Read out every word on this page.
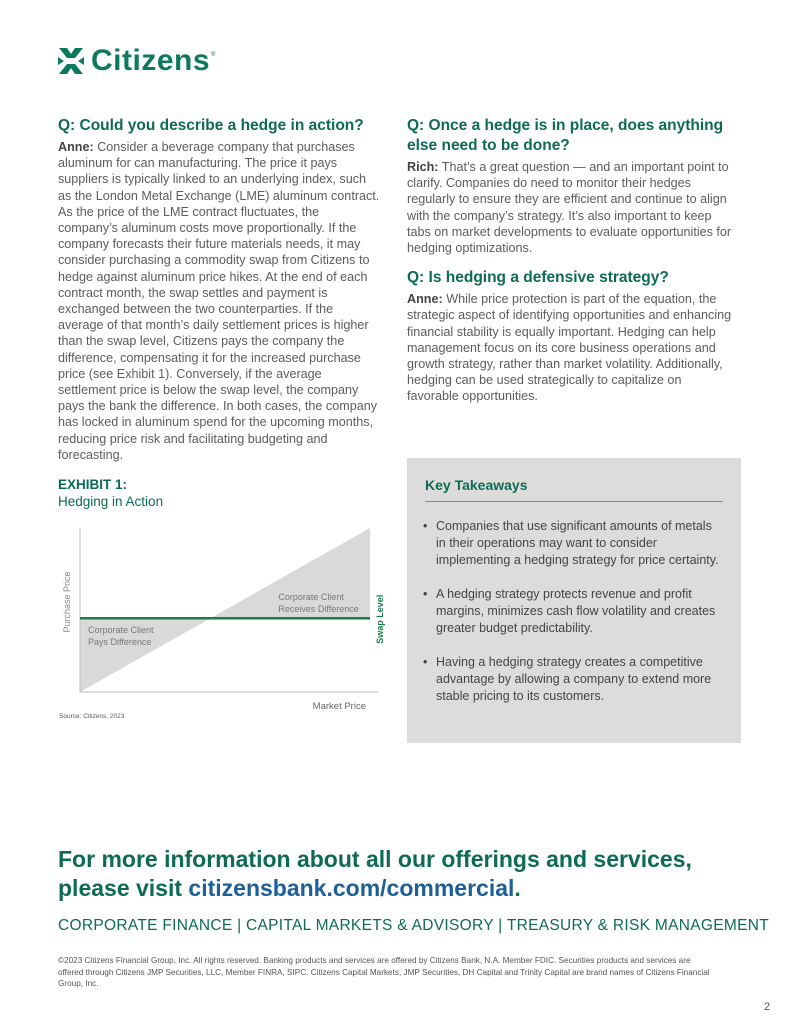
Citizens ®
Q: Could you describe a hedge in action?

Anne: Consider a beverage company that purchases aluminum for can manufacturing. The price it pays suppliers is typically linked to an underlying index, such as the London Metal Exchange (LME) aluminum contract. As the price of the LME contract fluctuates, the company’s aluminum costs move proportionally. If the company forecasts their future materials needs, it may consider purchasing a commodity swap from Citizens to hedge against aluminum price hikes. At the end of each contract month, the swap settles and payment is exchanged between the two counterparties. If the average of that month’s daily settlement prices is higher than the swap level, Citizens pays the company the difference, compensating it for the increased purchase price (see Exhibit 1). Conversely, if the average settlement price is below the swap level, the company pays the bank the difference. In both cases, the company has locked in aluminum spend for the upcoming months, reducing price risk and facilitating budgeting and forecasting.

Q: Once a hedge is in place, does anything else need to be done?

Rich: That’s a great question — and an important point to clarify. Companies do need to monitor their hedges regularly to ensure they are efficient and continue to align with the company’s strategy. It’s also important to keep tabs on market developments to evaluate opportunities for hedging optimizations.

Q: Is hedging a defensive strategy?

Anne: While price protection is part of the equation, the strategic aspect of identifying opportunities and enhancing financial stability is equally important. Hedging can help management focus on its core business operations and growth strategy, rather than market volatility. Additionally, hedging can be used strategically to capitalize on favorable opportunities.

EXHIBIT 1:
Hedging in Action
Purchase Price
Market Price
Swap Level
Corporate Client
Pays Difference
Corporate Client
Receives Difference
Source: Citizens, 2023
Key Takeaways
• Companies that use significant amounts of metals in their operations may want to consider implementing a hedging strategy for price certainty.
• A hedging strategy protects revenue and profit margins, minimizes cash flow volatility and creates greater budget predictability.
• Having a hedging strategy creates a competitive advantage by allowing a company to extend more stable pricing to its customers.
For more information about all our offerings and services, please visit citizensbank.com/commercial.
CORPORATE FINANCE | CAPITAL MARKETS & ADVISORY | TREASURY & RISK MANAGEMENT
©2023 Citizens Financial Group, Inc. All rights reserved. Banking products and services are offered by Citizens Bank, N.A. Member FDIC. Securities products and services are offered through Citizens JMP Securities, LLC, Member FINRA, SIPC. Citizens Capital Markets, JMP Securities, DH Capital and Trinity Capital are brand names of Citizens Financial Group, Inc.
2
